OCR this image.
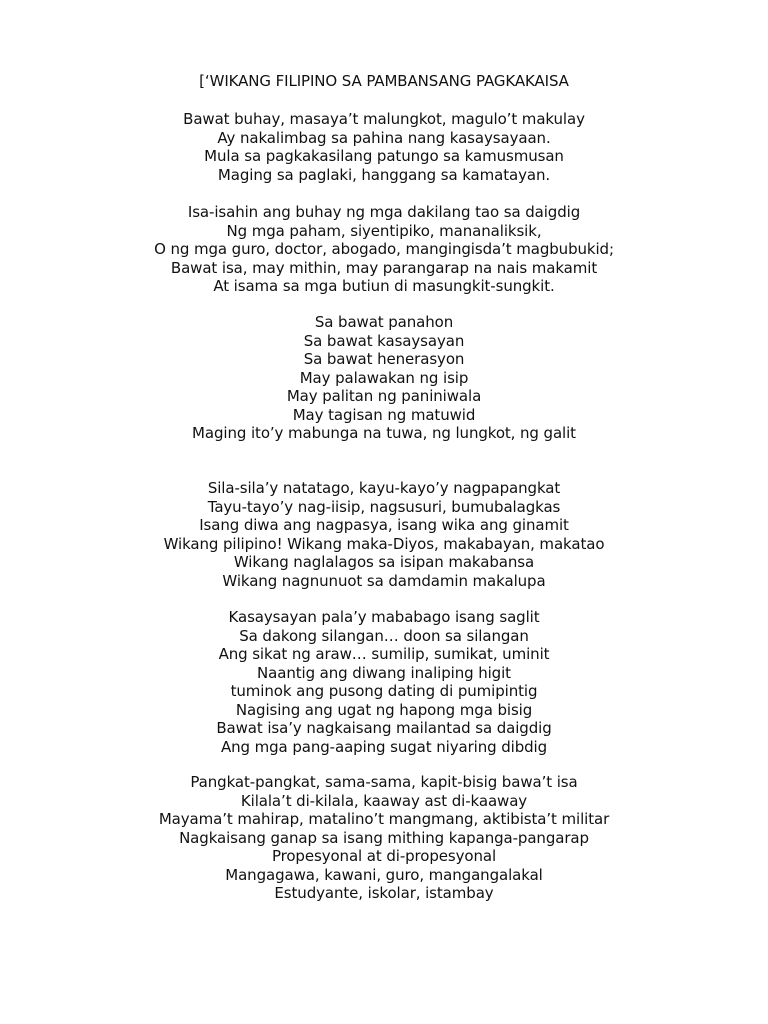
[‘WIKANG FILIPINO SA PAMBANSANG PAGKAKAISA
Bawat buhay, masaya’t malungkot, magulo’t makulay
Ay nakalimbag sa pahina nang kasaysayaan.
Mula sa pagkakasilang patungo sa kamusmusan
Maging sa paglaki, hanggang sa kamatayan.
Isa-isahin ang buhay ng mga dakilang tao sa daigdig
Ng mga paham, siyentipiko, mananaliksik,
O ng mga guro, doctor, abogado, mangingisda’t magbubukid;
Bawat isa, may mithin, may parangarap na nais makamit
At isama sa mga butiun di masungkit-sungkit.
Sa bawat panahon
Sa bawat kasaysayan
Sa bawat henerasyon
May palawakan ng isip
May palitan ng paniniwala
May tagisan ng matuwid
Maging ito’y mabunga na tuwa, ng lungkot, ng galit
Sila-sila’y natatago, kayu-kayo’y nagpapangkat
Tayu-tayo’y nag-iisip, nagsusuri, bumubalagkas
Isang diwa ang nagpasya, isang wika ang ginamit
Wikang pilipino! Wikang maka-Diyos, makabayan, makatao
Wikang naglalagos sa isipan makabansa
Wikang nagnunuot sa damdamin makalupa
Kasaysayan pala’y mababago isang saglit
Sa dakong silangan… doon sa silangan
Ang sikat ng araw… sumilip, sumikat, uminit
Naantig ang diwang inaliping higit
tuminok ang pusong dating di pumipintig
Nagising ang ugat ng hapong mga bisig
Bawat isa’y nagkaisang mailantad sa daigdig
Ang mga pang-aaping sugat niyaring dibdig
Pangkat-pangkat, sama-sama, kapit-bisig bawa’t isa
Kilala’t di-kilala, kaaway ast di-kaaway
Mayama’t mahirap, matalino’t mangmang, aktibista’t militar
Nagkaisang ganap sa isang mithing kapanga-pangarap
Propesyonal at di-propesyonal
Mangagawa, kawani, guro, mangangalakal
Estudyante, iskolar, istambay
